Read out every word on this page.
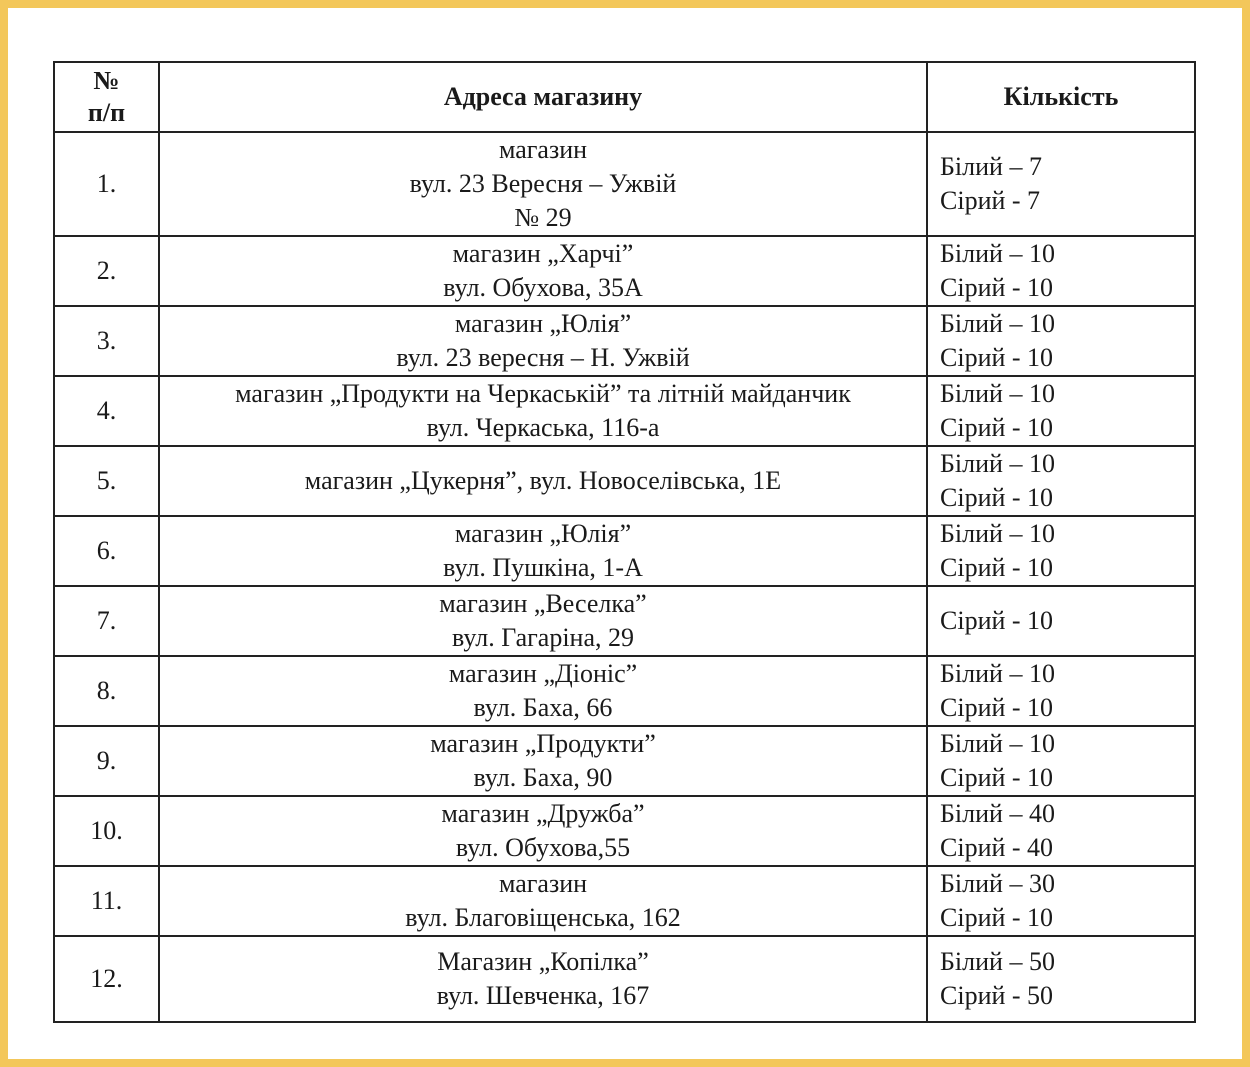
№
п/п	Адреса магазину	Кількість
1.	магазин
вул. 23 Вересня – Ужвій
№ 29	Білий – 7
Сірий - 7

2.	магазин „Харчі”
вул. Обухова, 35А	Білий – 10
Сірий - 10

3.	магазин „Юлія”
вул. 23 вересня – Н. Ужвій	Білий – 10
Сірий - 10

4.	магазин „Продукти на Черкаській” та літній майданчик
вул. Черкаська, 116-а	Білий – 10
Сірий - 10

5.	магазин „Цукерня”, вул. Новоселівська, 1Е	Білий – 10
Сірий - 10

6.	магазин „Юлія”
вул. Пушкіна, 1-А	Білий – 10
Сірий - 10

7.	магазин „Веселка”
вул. Гагаріна, 29	Сірий - 10

8.	магазин „Діоніс”
вул. Баха, 66	Білий – 10
Сірий - 10

9.	магазин „Продукти”
вул. Баха, 90	Білий – 10
Сірий - 10

10.	магазин „Дружба”
вул. Обухова,55	Білий – 40
Сірий - 40

11.	магазин
вул. Благовіщенська, 162	Білий – 30
Сірий - 10

12.	Магазин „Копілка”
вул. Шевченка, 167	Білий – 50
Сірий - 50
